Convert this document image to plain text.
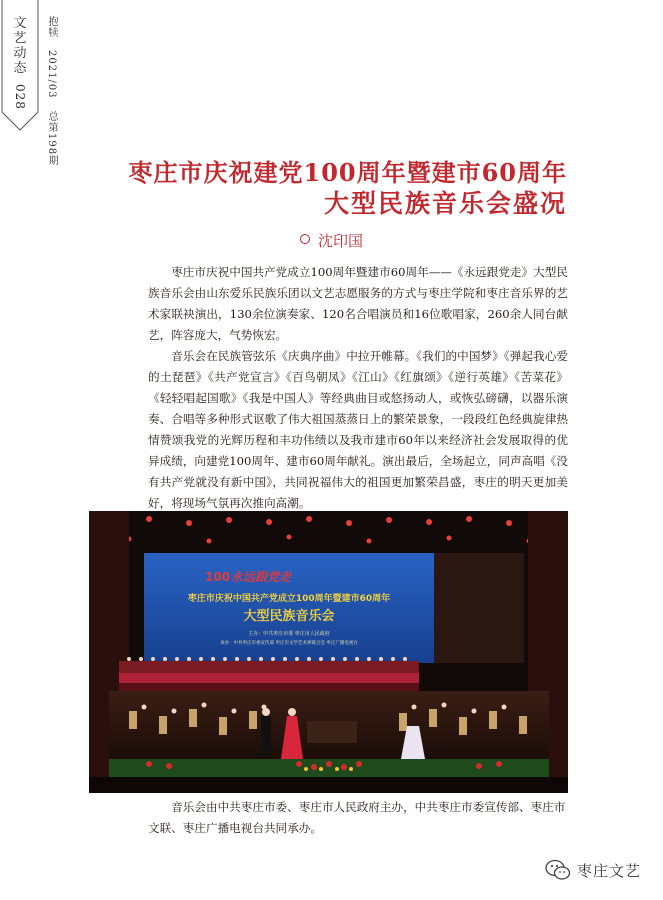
文艺动态
028
抱犊 2021/03 总第198期
枣庄市庆祝建党100周年暨建市60周年
大型民族音乐会盛况
沈印国

枣庄市庆祝中国共产党成立100周年暨建市60周年——《永远跟党走》大型民族音乐会由山东爱乐民族乐团以文艺志愿服务的方式与枣庄学院和枣庄音乐界的艺术家联袂演出，130余位演奏家、120名合唱演员和16位歌唱家，260余人同台献艺，阵容庞大，气势恢宏。

音乐会在民族管弦乐《庆典序曲》中拉开帷幕。《我们的中国梦》《弹起我心爱的土琵琶》《共产党宣言》《百鸟朝凤》《江山》《红旗颂》《逆行英雄》《苦菜花》《轻轻唱起国歌》《我是中国人》等经典曲目或悠扬动人，或恢弘磅礴，以器乐演奏、合唱等多种形式讴歌了伟大祖国蒸蒸日上的繁荣景象，一段段红色经典旋律热情赞颂我党的光辉历程和丰功伟绩以及我市建市60年以来经济社会发展取得的优异成绩，向建党100周年、建市60周年献礼。演出最后，全场起立，同声高唱《没有共产党就没有新中国》，共同祝福伟大的祖国更加繁荣昌盛，枣庄的明天更加美好，将现场气氛再次推向高潮。

100 永远跟党走
枣庄市庆祝中国共产党成立100周年暨建市60周年
大型民族音乐会
主办：中共枣庄市委 枣庄市人民政府
承办：中共枣庄市委宣传部 枣庄市文学艺术界联合会 枣庄广播电视台

音乐会由中共枣庄市委、枣庄市人民政府主办，中共枣庄市委宣传部、枣庄市文联、枣庄广播电视台共同承办。

枣庄文艺
